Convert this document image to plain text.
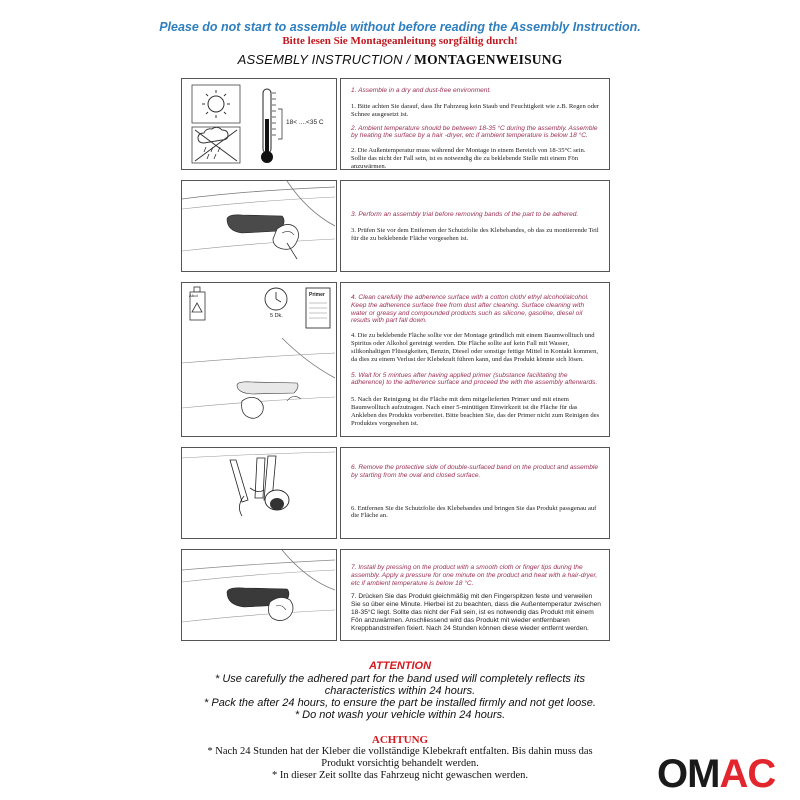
Please do not start to assemble without before reading the Assembly Instruction.
Bitte lesen Sie Montageanleitung sorgfältig durch!
ASSEMBLY INSTRUCTION / MONTAGENWEISUNG
18< ....<35 C

1. Assemble in a dry and dust-free environment.

1. Bitte achten Sie darauf, dass Ihr Fahrzeug kein Staub und Feuchtigkeit wie z.B. Regen oder Schnee ausgesetzt ist.

2. Ambient temperature should be between 18-35 °C during the assembly. Assemble by heating the surface by a hair -dryer, etc if ambient temperature is below 18 °C.

2. Die Außentemperatur muss während der Montage in einem Bereich von 18-35°C sein. Sollte das nicht der Fall sein, ist es notwendig die zu beklebende Stelle mit einem Fön anzuwärmen.

3. Perform an assembly trial before removing bands of the part to be adhered.

3. Prüfen Sie vor dem Entfernen der Schutzfolie des Klebebandes, ob das zu montierende Teil für die zu beklebende Fläche vorgesehen ist.

Alkol
5 Dk.
Primer	4. Clean carefully the adherence surface with a cotton cloth/ ethyl alcohol/alcohol. Keep the adherence surface free from dust after cleaning. Surface cleaning with water or greasy and compounded products such as silicone, gasoline, diesel oil results with part fall down.

4. Die zu beklebende Fläche sollte vor der Montage gründlich mit einem Baumwolltuch und Spiritus oder Alkohol gereinigt werden. Die Fläche sollte auf kein Fall mit Wasser, silikonhaltigen Flüssigkeiten, Benzin, Diesel oder sonstige fettige Mittel in Kontakt kommen, da dies zu einem Verlust der Klebekraft führen kann, und das Produkt könnte sich lösen.

5. Wait for 5 mintues after having applied primer (substance facilitating the adherence) to the adherence surface and proceed the with the assembly afterwards.

5. Nach der Reinigung ist die Fläche mit dem mitgelieferten Primer und mit einem Baumwolltuch aufzutragen. Nach einer 5-minütigen Einwirkzeit ist die Fläche für das Ankleben des Produkts vorbereitet. Bitte beachten Sie, das der Primer nicht zum Reinigen des Produktes vorgesehen ist.

6. Remove the protective side of double-surfaced band on the product and assemble by starting from the oval and closed surface.

6. Entfernen Sie die Schutzfolie des Klebebandes und bringen Sie das Produkt passgenau auf die Fläche an.

7. Install by pressing on the product with a smooth cloth or finger tips during the assembly. Apply a pressure for one minute on the product and heat with a hair-dryer, etc if ambient temperature is below 18 °C.

7. Drücken Sie das Produkt gleichmäßig mit den Fingerspitzen feste und verweilen Sie so über eine Minute. Hierbei ist zu beachten, dass die Außentemperatur zwischen 18-35°C liegt. Sollte das nicht der Fall sein, ist es notwendig das Produkt mit einem Fön anzuwärmen. Anschliessend wird das Produkt mit wieder entfernbaren Kreppbandstreifen fixiert. Nach 24 Stunden können diese wieder entfernt werden.

ATTENTION
* Use carefully the adhered part for the band used will completely reflects its
characteristics within 24 hours.
* Pack the after 24 hours, to ensure the part be installed firmly and not get loose.
* Do not wash your vehicle within 24 hours.
ACHTUNG
* Nach 24 Stunden hat der Kleber die vollständige Klebekraft entfalten. Bis dahin muss das
Produkt vorsichtig behandelt werden.
* In dieser Zeit sollte das Fahrzeug nicht gewaschen werden.	OMAC
